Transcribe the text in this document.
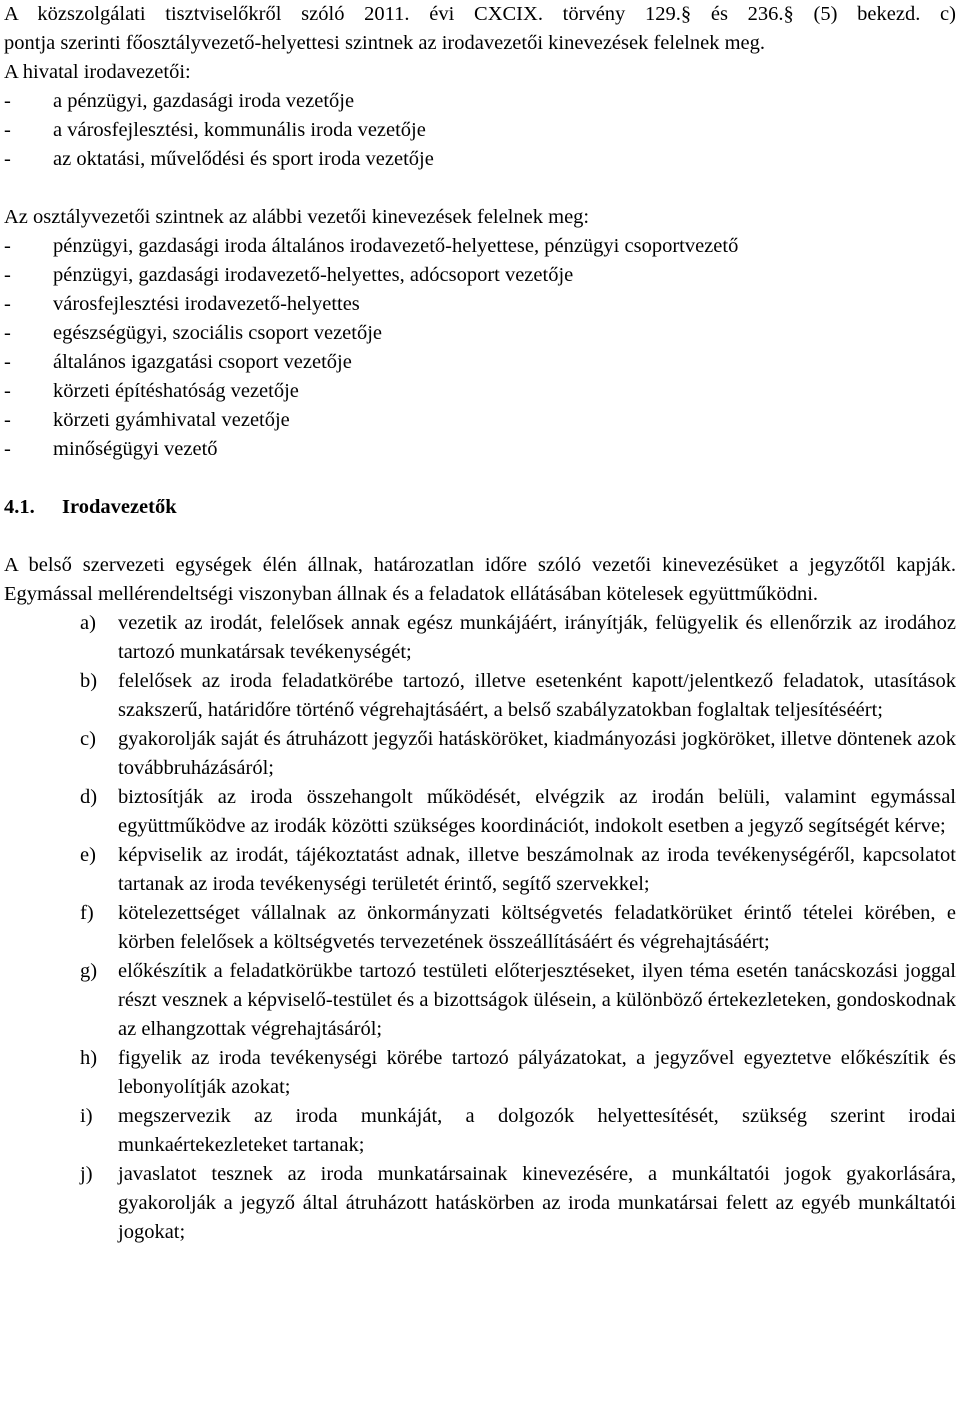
A közszolgálati tisztviselőkről szóló 2011. évi CXCIX. törvény 129.§ és 236.§ (5) bekezd. c)

pontja szerinti főosztályvezető-helyettesi szintnek az irodavezetői kinevezések felelnek meg.

A hivatal irodavezetői:

-	a pénzügyi, gazdasági iroda vezetője
-	a városfejlesztési, kommunális iroda vezetője
-	az oktatási, művelődési és sport iroda vezetője

Az osztályvezetői szintnek az alábbi vezetői kinevezések felelnek meg:

-	pénzügyi, gazdasági iroda általános irodavezető-helyettese, pénzügyi csoportvezető
-	pénzügyi, gazdasági irodavezető-helyettes, adócsoport vezetője
-	városfejlesztési irodavezető-helyettes
-	egészségügyi, szociális csoport vezetője
-	általános igazgatási csoport vezetője
-	körzeti építéshatóság vezetője
-	körzeti gyámhivatal vezetője
-	minőségügyi vezető

4.1. Irodavezetők

A belső szervezeti egységek élén állnak, határozatlan időre szóló vezetői kinevezésüket a jegyzőtől kapják. Egymással mellérendeltségi viszonyban állnak és a feladatok ellátásában kötelesek együttműködni.

a)	vezetik az irodát, felelősek annak egész munkájáért, irányítják, felügyelik és ellenőrzik az irodához tartozó munkatársak tevékenységét;
b)	felelősek az iroda feladatkörébe tartozó, illetve esetenként kapott/jelentkező feladatok, utasítások szakszerű, határidőre történő végrehajtásáért, a belső szabályzatokban foglaltak teljesítéséért;
c)	gyakorolják saját és átruházott jegyzői hatásköröket, kiadmányozási jogköröket, illetve döntenek azok továbbruházásáról;
d)	biztosítják az iroda összehangolt működését, elvégzik az irodán belüli, valamint egymással együttműködve az irodák közötti szükséges koordinációt, indokolt esetben a jegyző segítségét kérve;
e)	képviselik az irodát, tájékoztatást adnak, illetve beszámolnak az iroda tevékenységéről, kapcsolatot tartanak az iroda tevékenységi területét érintő, segítő szervekkel;
f)	kötelezettséget vállalnak az önkormányzati költségvetés feladatkörüket érintő tételei körében, e körben felelősek a költségvetés tervezetének összeállításáért és végrehajtásáért;
g)	előkészítik a feladatkörükbe tartozó testületi előterjesztéseket, ilyen téma esetén tanácskozási joggal részt vesznek a képviselő-testület és a bizottságok ülésein, a különböző értekezleteken, gondoskodnak az elhangzottak végrehajtásáról;
h)	figyelik az iroda tevékenységi körébe tartozó pályázatokat, a jegyzővel egyeztetve előkészítik és lebonyolítják azokat;
i)	megszervezik az iroda munkáját, a dolgozók helyettesítését, szükség szerint irodai munkaértekezleteket tartanak;
j)	javaslatot tesznek az iroda munkatársainak kinevezésére, a munkáltatói jogok gyakorlására, gyakorolják a jegyző által átruházott hatáskörben az iroda munkatársai felett az egyéb munkáltatói jogokat;
